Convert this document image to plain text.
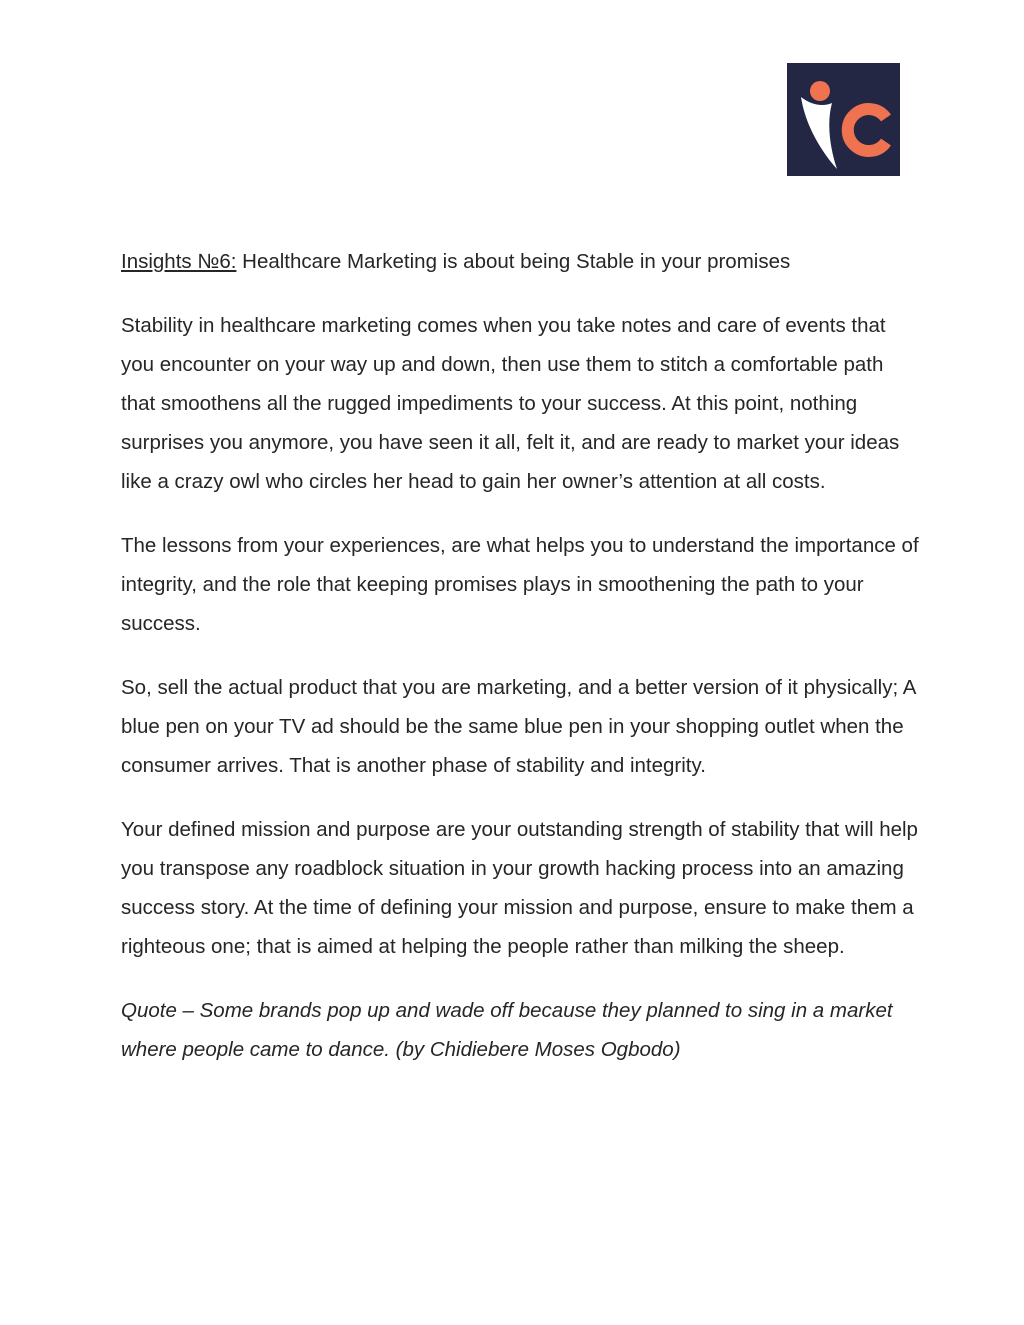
Insights №6: Healthcare Marketing is about being Stable in your promises

Stability in healthcare marketing comes when you take notes and care of events that you encounter on your way up and down, then use them to stitch a comfortable path that smoothens all the rugged impediments to your success. At this point, nothing surprises you anymore, you have seen it all, felt it, and are ready to market your ideas like a crazy owl who circles her head to gain her owner’s attention at all costs.

The lessons from your experiences, are what helps you to understand the importance of integrity, and the role that keeping promises plays in smoothening the path to your success.

So, sell the actual product that you are marketing, and a better version of it physically; A blue pen on your TV ad should be the same blue pen in your shopping outlet when the consumer arrives. That is another phase of stability and integrity.

Your defined mission and purpose are your outstanding strength of stability that will help you transpose any roadblock situation in your growth hacking process into an amazing success story. At the time of defining your mission and purpose, ensure to make them a righteous one; that is aimed at helping the people rather than milking the sheep.

Quote – Some brands pop up and wade off because they planned to sing in a market where people came to dance. (by Chidiebere Moses Ogbodo)
